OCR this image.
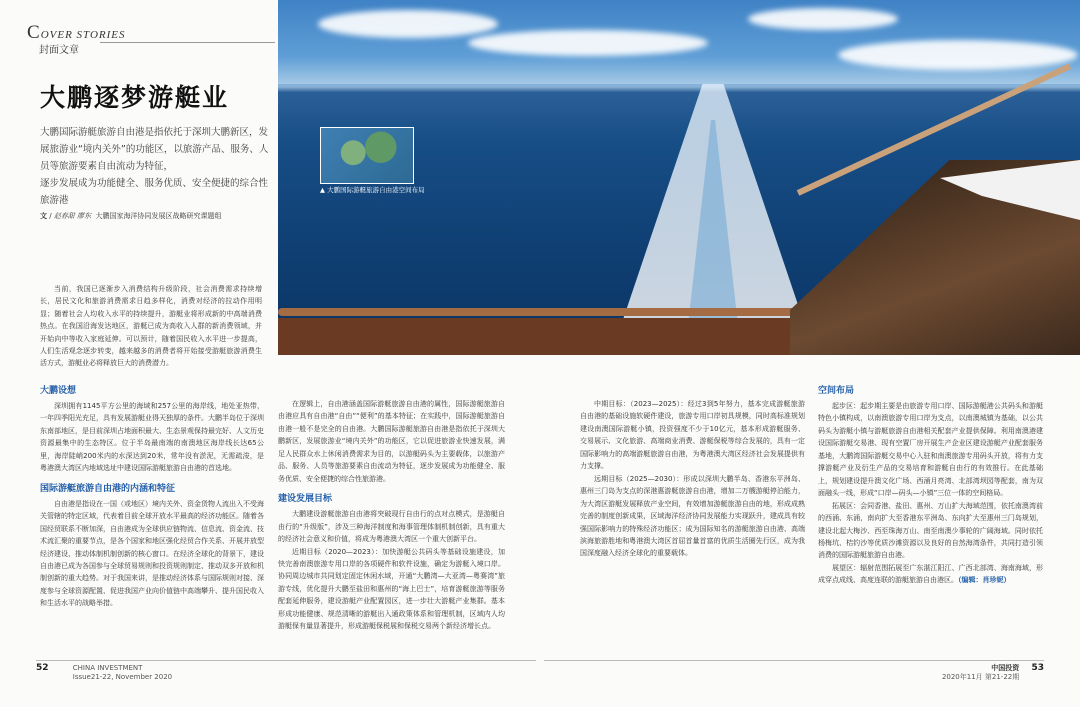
▲ 大鹏国际游艇旅游自由港空间布局
COVER STORIES
封面文章
大鹏逐梦游艇业
大鹏国际游艇旅游自由港是指依托于深圳大鹏新区，发展旅游业“境内关外”的功能区，以旅游产品、服务、人员等旅游要素自由流动为特征，
逐步发展成为功能健全、服务优质、安全便捷的综合性旅游港
文 / 赵春甜 廖东 大鹏国家海洋协同发展区战略研究课题组

当前，我国已逐渐步入消费结构升级阶段，社会消费需求持续增长，居民文化和旅游消费需求日趋多样化，消费对经济的拉动作用明显；随着社会人均收入水平的持续提升，游艇业将形成新的中高端消费热点。在我国沿海发达地区，游艇已成为高收入人群的新消费领域，并开始向中等收入家庭延伸。可以预计，随着国民收入水平进一步提高，人们生活观念逐步转变，越来越多的消费者将开始接受游艇旅游消费生活方式，游艇业必将释放巨大的消费潜力。

大鹏设想

深圳拥有1145平方公里的海域和257公里的海岸线，地处亚热带，一年四季阳光充足，具有发展游艇业得天独厚的条件。大鹏半岛位于深圳东南部地区，是目前深圳占地面积最大、生态景观保持最完好、人文历史资源最集中的生态特区。位于半岛最南端的南澳地区海岸线长达65公里，海岸陡峭200米内的水深达到20米，常年没有淤泥，无需疏浚，是粤港澳大湾区内地域选址中建设国际游艇旅游自由港的首选地。

国际游艇旅游自由港的内涵和特征

自由港是指设在一国（或地区）境内关外、资金货物人流出入不受海关管辖的特定区域，代表着目前全球开放水平最高的经济功能区。随着各国经贸联系不断加深，自由港成为全球供应链物流、信息流、资金流、技术流汇聚的重要节点，是各个国家和地区强化经贸合作关系、开展并放型经济建设、推动体制机制创新的核心窗口。在经济全球化的背景下，建设自由港已成为各国参与全球贸易规则和投资规则制定、推动双多开放和机制创新的重大趋势。对于我国来讲，是推动经济体系与国际规则对接、深度参与全球资源配置、促进我国产业向价值链中高端攀升、提升国民收入和生活水平的战略举措。

在逻辑上，自由港涵盖国际游艇旅游自由港的属性，国际游艇旅游自由港应具有自由港“自由”“便利”的基本特征；在实践中，国际游艇旅游自由港一般不是完全的自由港。大鹏国际游艇旅游自由港是指依托于深圳大鹏新区，发展旅游业“境内关外”的功能区，它以促进旅游业快速发展，满足人民群众水上休闲消费需求为目的，以游艇码头为主要载体，以旅游产品、服务、人员等旅游要素自由流动为特征，逐步发展成为功能健全、服务优质、安全便捷的综合性旅游港。

建设发展目标

大鹏建设游艇旅游自由港将突破现行自由行的点对点模式，是游艇自由行的“升级版”，涉及三种海洋制度和海事管理体制机制创新，具有重大的经济社会意义和价值，将成为粤港澳大湾区一个重大创新平台。

近期目标（2020—2023）：加快游艇公共码头等基础设施建设，加快完善南澳旅游专用口岸的各项硬件和软件设施，确定为游艇入境口岸。协同周边城市共同划定固定休闲水域，开通“大鹏湾—大亚湾—粤赛湾”旅游专线，优化提升大鹏至盐田和惠州的“海上巴士”，培育游艇旅游等服务配套延伸服务，建设游艇产业配置园区，进一步壮大游艇产业集群。基本形成功能健康、规范清晰的游艇出入通政策体系和管理机制，区域内人均游艇保有量显著提升，形成游艇保税展和保税交易两个新经济增长点。

中期目标：（2023—2025）：经过3到5年努力，基本完成游艇旅游自由港的基础设施软硬件建设，旅游专用口岸初具规模，同时高标准规划建设南澳国际游艇小镇，投资强度不少于10亿元，基本形成游艇服务、交易展示、文化旅游、高端商业消费、游艇保税等综合发展的，具有一定国际影响力的高端游艇旅游自由港，为粤港澳大湾区经济社会发展提供有力支撑。

远期目标（2025—2030）：形成以深圳大鹏半岛、香港东平洲岛、惠州三门岛为支点的深港惠游艇旅游自由港，增加二万艘游艇停泊能力，为大湾区游艇发展释放产业空间，有效增加游艇旅游自由的地，形成成熟完善的制度创新成果，区域海洋经济协同发展能力实现跃升，建成具有较强国际影响力的特殊经济功能区；成为国际知名的游艇旅游自由港、高端滨海旅游胜地和粤港澳大湾区首屈首量首富的优质生活圈先行区，成为我国深度融入经济全球化的重要载体。

空间布局

起步区：起步期主要是由旅游专用口岸、国际游艇港公共码头和游艇特色小镇构成，以南澳旅游专用口岸为支点，以南澳城镇为基础，以公共码头为游艇小镇与游艇旅游自由港相关配套产业提供保障。利用南澳港建设国际游艇交易港、现有空置厂房开展生产企业区建设游艇产业配套服务基地，大鹏湾国际游艇交易中心入驻和南澳旅游专用码头开放，将有力支撑游艇产业及衍生产品的交易培育和游艇自由行的有效推行。在此基础上，规划建设提升澳文化广场、西涌月亮湾、北部湾坝园等配套，南为双面融头一线，形成“口岸—码头—小镇”三位一体的空间格局。

拓展区：会同香港、盐田、惠州、万山扩大海域范围，依托南澳湾前的西涌、东涌，南向扩大至香港东平洲岛、东向扩大至惠州三门岛规划，建设北起大梅沙、西至珠海万山、南至南澳少事轮的广阔海域。同时依托杨梅坑、桔钓沙等优质沙滩资源以及良好的自然海湾条件，共同打造引领消费的国际游艇旅游自由港。

展望区：辐射范围拓展至广东湛江阳江、广西北部湾、海南海域，形成穿点成线、高度连联的游艇旅游自由港区。（编辑：肖珍妮）

52	CHINA INVESTMENT
Issue21-22, November 2020
中国投资
2020年11月 第21-22期
53
